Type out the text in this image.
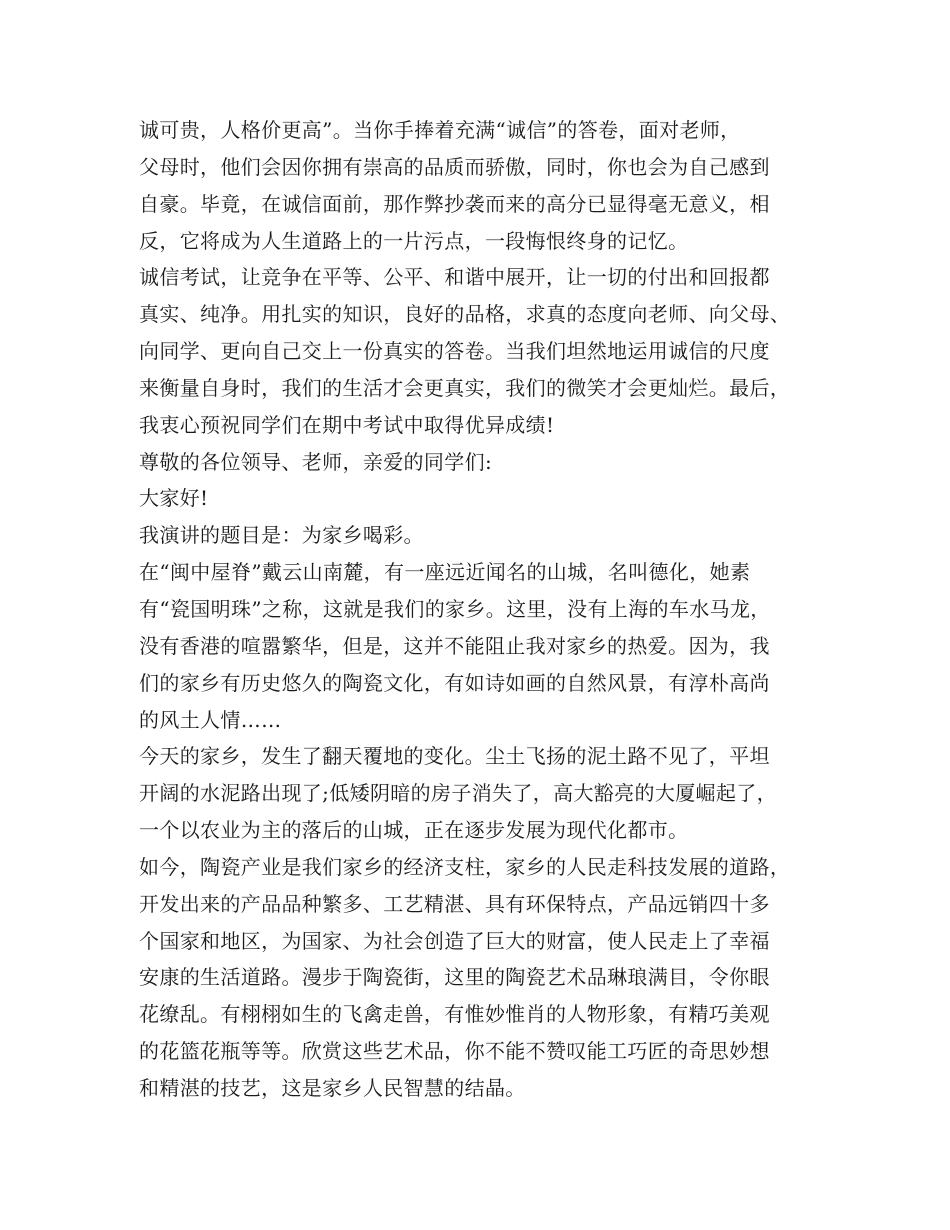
诚可贵，人格价更高”。当你手捧着充满“诚信”的答卷，面对老师，
父母时，他们会因你拥有崇高的品质而骄傲，同时，你也会为自己感到
自豪。毕竟，在诚信面前，那作弊抄袭而来的高分已显得毫无意义，相
反，它将成为人生道路上的一片污点，一段悔恨终身的记忆。
诚信考试，让竞争在平等、公平、和谐中展开，让一切的付出和回报都
真实、纯净。用扎实的知识，良好的品格，求真的态度向老师、向父母、
向同学、更向自己交上一份真实的答卷。当我们坦然地运用诚信的尺度
来衡量自身时，我们的生活才会更真实，我们的微笑才会更灿烂。最后，
我衷心预祝同学们在期中考试中取得优异成绩!
尊敬的各位领导、老师，亲爱的同学们:
大家好!
我演讲的题目是：为家乡喝彩。
在“闽中屋脊”戴云山南麓，有一座远近闻名的山城，名叫德化，她素
有“瓷国明珠”之称，这就是我们的家乡。这里，没有上海的车水马龙，
没有香港的喧嚣繁华，但是，这并不能阻止我对家乡的热爱。因为，我
们的家乡有历史悠久的陶瓷文化，有如诗如画的自然风景，有淳朴高尚
的风土人情……
今天的家乡，发生了翻天覆地的变化。尘土飞扬的泥土路不见了，平坦
开阔的水泥路出现了;低矮阴暗的房子消失了，高大豁亮的大厦崛起了，
一个以农业为主的落后的山城，正在逐步发展为现代化都市。
如今，陶瓷产业是我们家乡的经济支柱，家乡的人民走科技发展的道路，
开发出来的产品品种繁多、工艺精湛、具有环保特点，产品远销四十多
个国家和地区，为国家、为社会创造了巨大的财富，使人民走上了幸福
安康的生活道路。漫步于陶瓷街，这里的陶瓷艺术品琳琅满目，令你眼
花缭乱。有栩栩如生的飞禽走兽，有惟妙惟肖的人物形象，有精巧美观
的花篮花瓶等等。欣赏这些艺术品，你不能不赞叹能工巧匠的奇思妙想
和精湛的技艺，这是家乡人民智慧的结晶。
